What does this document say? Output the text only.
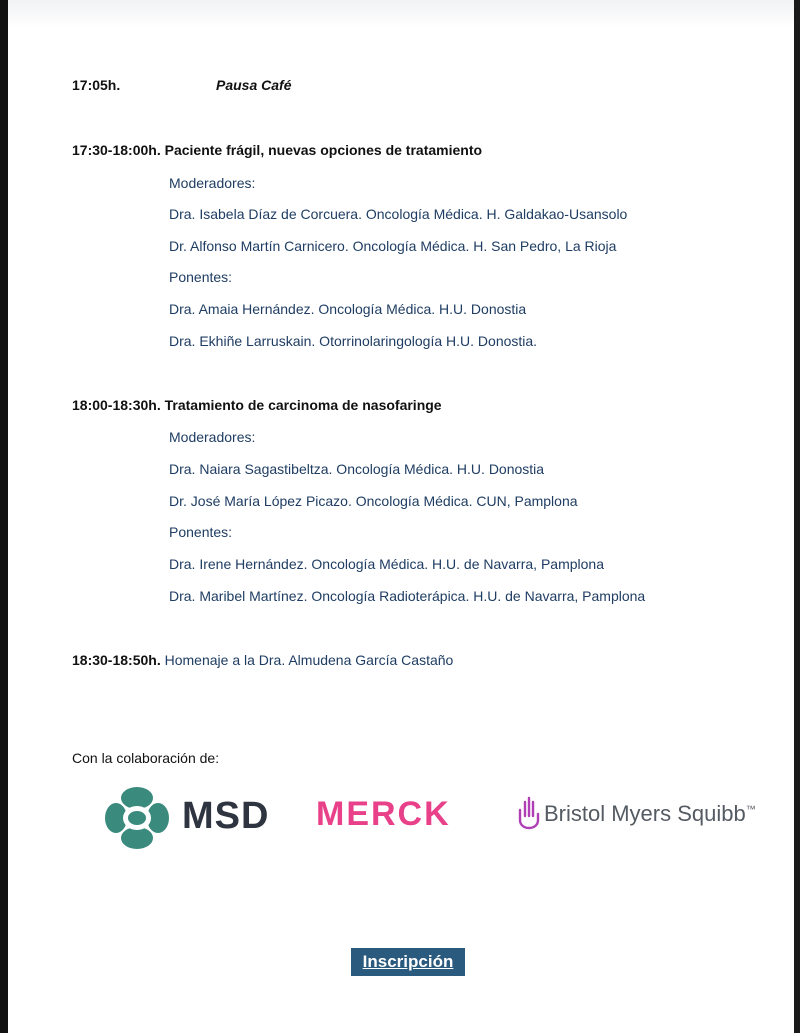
17:05h.	Pausa Café
17:30-18:00h. Paciente frágil, nuevas opciones de tratamiento
Moderadores:
Dra. Isabela Díaz de Corcuera. Oncología Médica. H. Galdakao-Usansolo
Dr. Alfonso Martín Carnicero. Oncología Médica. H. San Pedro, La Rioja
Ponentes:
Dra. Amaia Hernández. Oncología Médica. H.U. Donostia
Dra. Ekhiñe Larruskain. Otorrinolaringología H.U. Donostia.
18:00-18:30h. Tratamiento de carcinoma de nasofaringe
Moderadores:
Dra. Naiara Sagastibeltza. Oncología Médica. H.U. Donostia
Dr. José María López Picazo. Oncología Médica. CUN, Pamplona
Ponentes:
Dra. Irene Hernández. Oncología Médica. H.U. de Navarra, Pamplona
Dra. Maribel Martínez. Oncología Radioterápica. H.U. de Navarra, Pamplona
18:30-18:50h. Homenaje a la Dra. Almudena García Castaño
Con la colaboración de:
MSD MERCK	Bristol Myers Squibb™
Inscripción
